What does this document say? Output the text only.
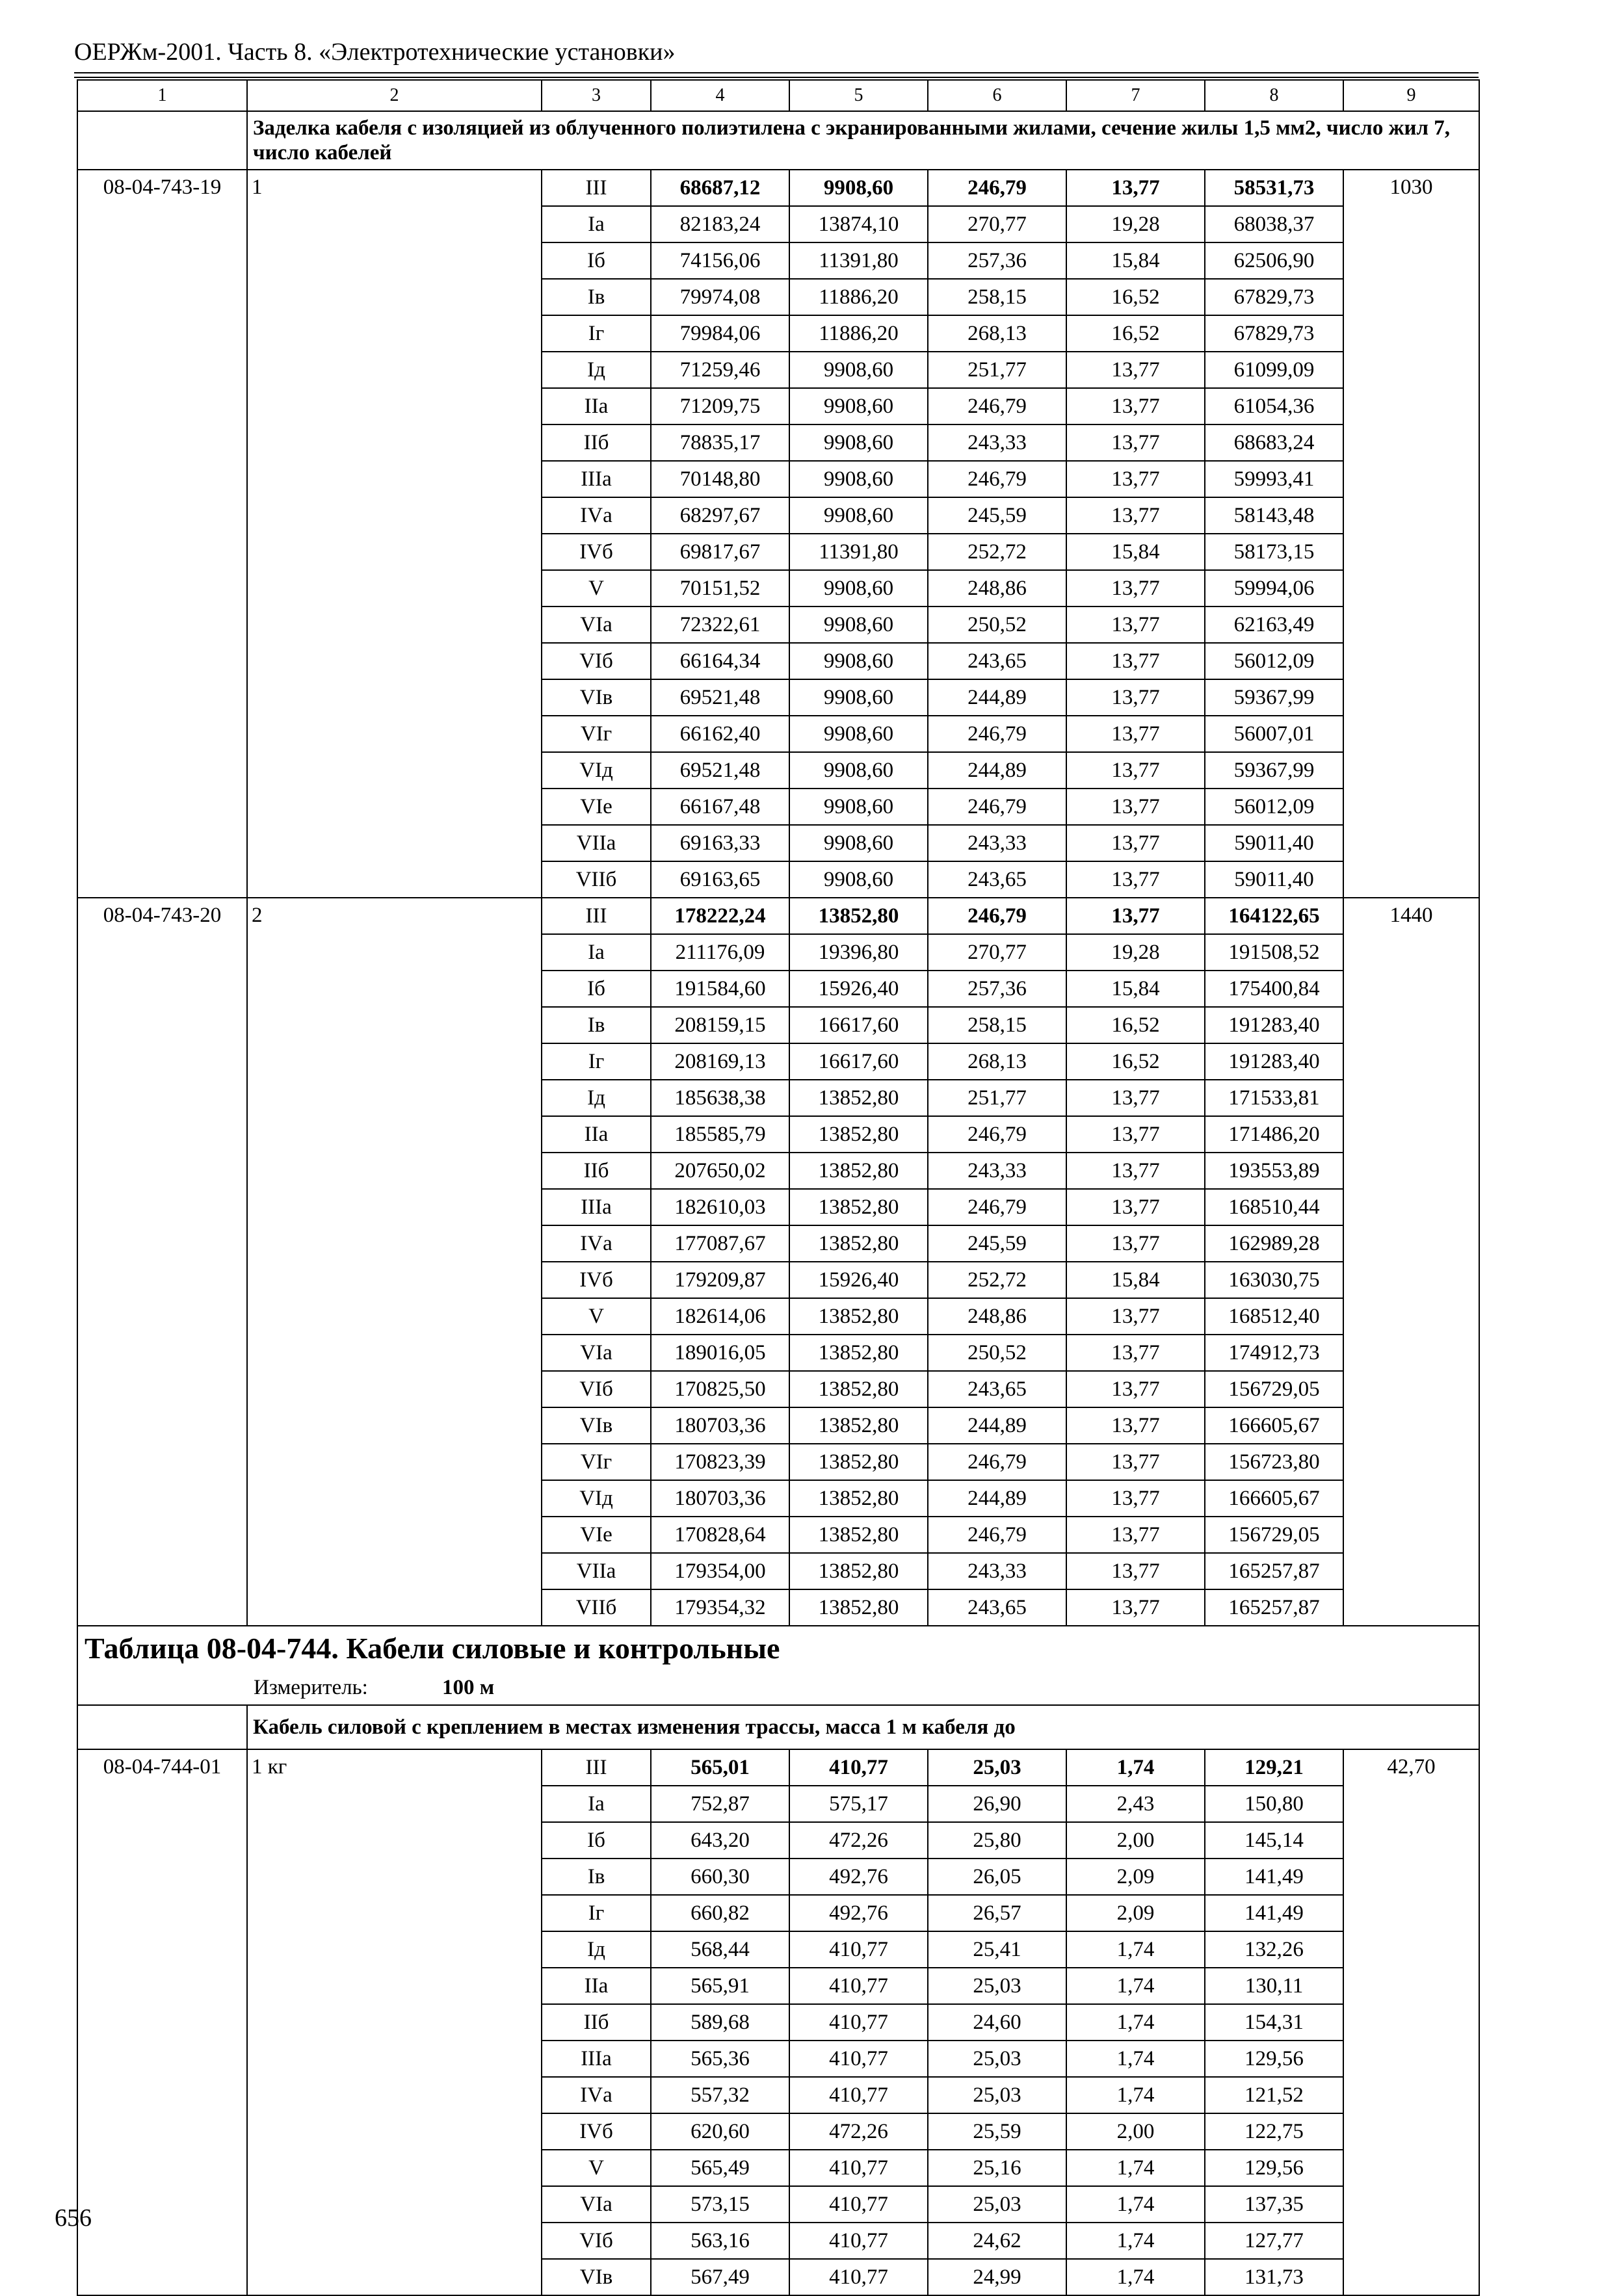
ОЕРЖм-2001. Часть 8. «Электротехнические установки»
1	2	3	4	5	6	7	8	9
	Заделка кабеля с изоляцией из облученного полиэтилена с экранированными жилами, сечение жилы 1,5 мм2, число жил 7, число кабелей							
08-04-743-19	1	III	68687,12	9908,60	246,79	13,77	58531,73	1030
		Iа	82183,24	13874,10	270,77	19,28	68038,37	
		Iб	74156,06	11391,80	257,36	15,84	62506,90	
		Iв	79974,08	11886,20	258,15	16,52	67829,73	
		Iг	79984,06	11886,20	268,13	16,52	67829,73	
		Iд	71259,46	9908,60	251,77	13,77	61099,09	
		IIа	71209,75	9908,60	246,79	13,77	61054,36	
		IIб	78835,17	9908,60	243,33	13,77	68683,24	
		IIIа	70148,80	9908,60	246,79	13,77	59993,41	
		IVа	68297,67	9908,60	245,59	13,77	58143,48	
		IVб	69817,67	11391,80	252,72	15,84	58173,15	
		V	70151,52	9908,60	248,86	13,77	59994,06	
		VIа	72322,61	9908,60	250,52	13,77	62163,49	
		VIб	66164,34	9908,60	243,65	13,77	56012,09	
		VIв	69521,48	9908,60	244,89	13,77	59367,99	
		VIг	66162,40	9908,60	246,79	13,77	56007,01	
		VIд	69521,48	9908,60	244,89	13,77	59367,99	
		VIе	66167,48	9908,60	246,79	13,77	56012,09	
		VIIа	69163,33	9908,60	243,33	13,77	59011,40	
		VIIб	69163,65	9908,60	243,65	13,77	59011,40	
08-04-743-20	2	III	178222,24	13852,80	246,79	13,77	164122,65	1440
		Iа	211176,09	19396,80	270,77	19,28	191508,52	
		Iб	191584,60	15926,40	257,36	15,84	175400,84	
		Iв	208159,15	16617,60	258,15	16,52	191283,40	
		Iг	208169,13	16617,60	268,13	16,52	191283,40	
		Iд	185638,38	13852,80	251,77	13,77	171533,81	
		IIа	185585,79	13852,80	246,79	13,77	171486,20	
		IIб	207650,02	13852,80	243,33	13,77	193553,89	
		IIIа	182610,03	13852,80	246,79	13,77	168510,44	
		IVа	177087,67	13852,80	245,59	13,77	162989,28	
		IVб	179209,87	15926,40	252,72	15,84	163030,75	
		V	182614,06	13852,80	248,86	13,77	168512,40	
		VIа	189016,05	13852,80	250,52	13,77	174912,73	
		VIб	170825,50	13852,80	243,65	13,77	156729,05	
		VIв	180703,36	13852,80	244,89	13,77	166605,67	
		VIг	170823,39	13852,80	246,79	13,77	156723,80	
		VIд	180703,36	13852,80	244,89	13,77	166605,67	
		VIе	170828,64	13852,80	246,79	13,77	156729,05	
		VIIа	179354,00	13852,80	243,33	13,77	165257,87	
		VIIб	179354,32	13852,80	243,65	13,77	165257,87	
Таблица 08-04-744. Кабели силовые и контрольные								
Измеритель: 100 м								
	Кабель силовой с креплением в местах изменения трассы, масса 1 м кабеля до							
08-04-744-01	1 кг	III	565,01	410,77	25,03	1,74	129,21	42,70
		Iа	752,87	575,17	26,90	2,43	150,80	
		Iб	643,20	472,26	25,80	2,00	145,14	
		Iв	660,30	492,76	26,05	2,09	141,49	
		Iг	660,82	492,76	26,57	2,09	141,49	
		Iд	568,44	410,77	25,41	1,74	132,26	
		IIа	565,91	410,77	25,03	1,74	130,11	
		IIб	589,68	410,77	24,60	1,74	154,31	
		IIIа	565,36	410,77	25,03	1,74	129,56	
		IVа	557,32	410,77	25,03	1,74	121,52	
		IVб	620,60	472,26	25,59	2,00	122,75	
		V	565,49	410,77	25,16	1,74	129,56	
		VIа	573,15	410,77	25,03	1,74	137,35	
		VIб	563,16	410,77	24,62	1,74	127,77	
		VIв	567,49	410,77	24,99	1,74	131,73	
656
